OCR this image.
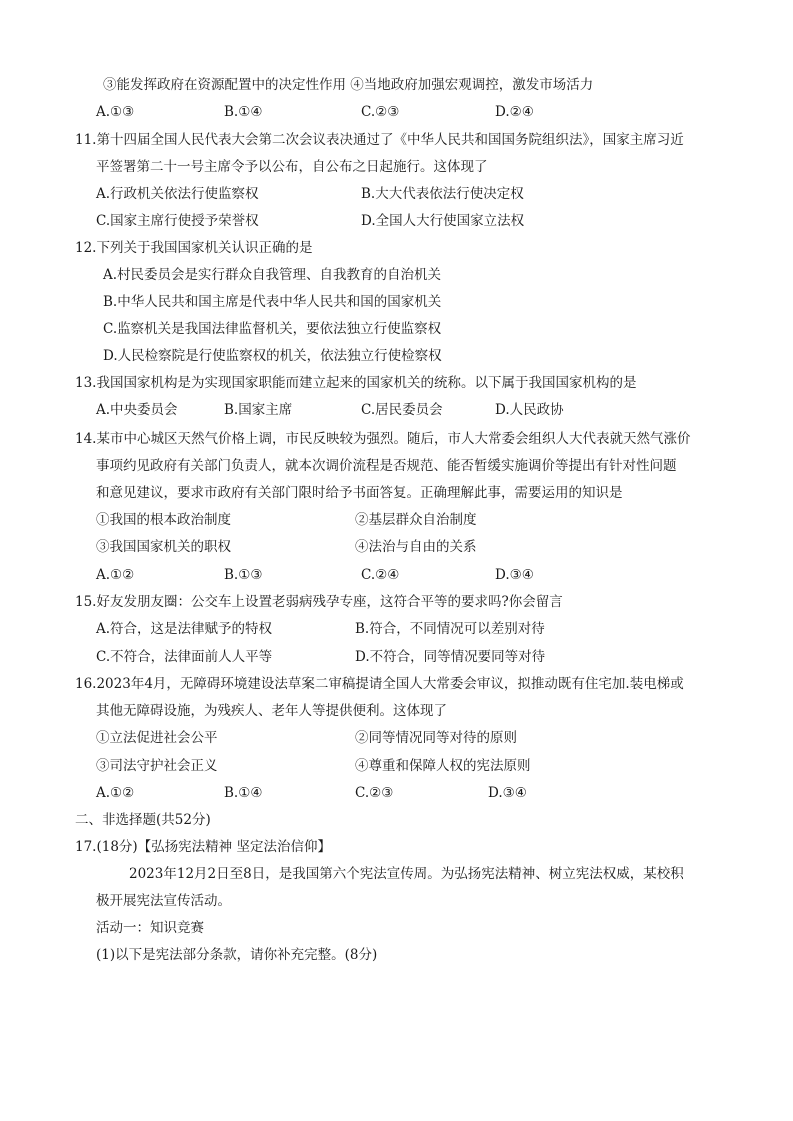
③能发挥政府在资源配置中的决定性作用 ④当地政府加强宏观调控，激发市场活力
A.①③	B.①④	C.②③	D.②④
11.第十四届全国人民代表大会第二次会议表决通过了《中华人民共和国国务院组织法》，国家主席习近
平签署第二十一号主席令予以公布，自公布之日起施行。这体现了
A.行政机关依法行使监察权	B.大大代表依法行使决定权
C.国家主席行使授予荣誉权	D.全国人大行使国家立法权
12.下列关于我国国家机关认识正确的是
A.村民委员会是实行群众自我管理、自我教育的自治机关
B.中华人民共和国主席是代表中华人民共和国的国家机关
C.监察机关是我国法律监督机关，要依法独立行使监察权
D.人民检察院是行使监察权的机关，依法独立行使检察权
13.我国国家机构是为实现国家职能而建立起来的国家机关的统称。以下属于我国国家机构的是
A.中央委员会	B.国家主席	C.居民委员会	D.人民政协
14.某市中心城区天然气价格上调，市民反映较为强烈。随后，市人大常委会组织人大代表就天然气涨价
事项约见政府有关部门负责人，就本次调价流程是否规范、能否暂缓实施调价等提出有针对性问题
和意见建议，要求市政府有关部门限时给予书面答复。正确理解此事，需要运用的知识是
①我国的根本政治制度	②基层群众自治制度
③我国国家机关的职权	④法治与自由的关系
A.①②	B.①③	C.②④	D.③④
15.好友发朋友圈：公交车上设置老弱病残孕专座，这符合平等的要求吗?你会留言
A.符合，这是法律赋予的特权	B.符合，不同情况可以差别对待
C.不符合，法律面前人人平等	D.不符合，同等情况要同等对待
16.2023年4月，无障碍环境建设法草案二审稿提请全国人大常委会审议，拟推动既有住宅加.装电梯或
其他无障碍设施，为残疾人、老年人等提供便利。这体现了
①立法促进社会公平	②同等情况同等对待的原则
③司法守护社会正义	④尊重和保障人权的宪法原则
A.①②	B.①④	C.②③	D.③④
二、非选择题(共52分)
17.(18分)【弘扬宪法精神 坚定法治信仰】
2023年12月2日至8日，是我国第六个宪法宣传周。为弘扬宪法精神、树立宪法权威，某校积
极开展宪法宣传活动。
活动一：知识竞赛
(1)以下是宪法部分条款，请你补充完整。(8分)
